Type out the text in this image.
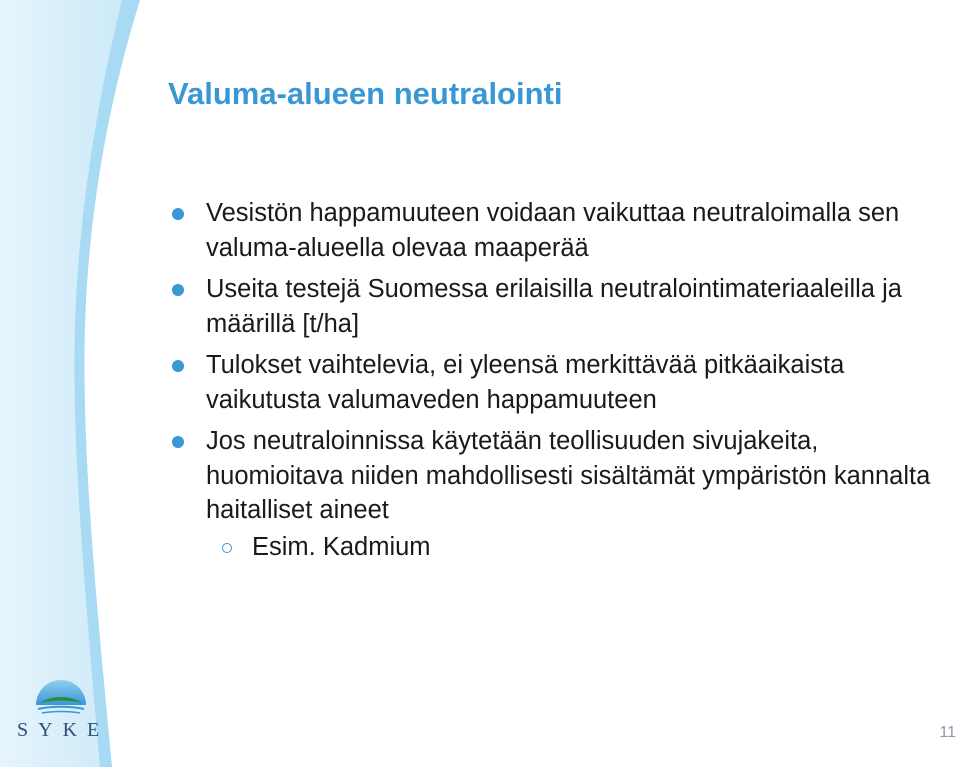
Valuma-alueen neutralointi
Vesistön happamuuteen voidaan vaikuttaa neutraloimalla sen valuma-alueella olevaa maaperää
Useita testejä Suomessa erilaisilla neutralointimateriaaleilla ja määrillä [t/ha]
Tulokset vaihtelevia, ei yleensä merkittävää pitkäaikaista vaikutusta valumaveden happamuuteen
Jos neutraloinnissa käytetään teollisuuden sivujakeita, huomioitava niiden mahdollisesti sisältämät ympäristön kannalta haitalliset aineet
Esim. Kadmium
SYKE	11
